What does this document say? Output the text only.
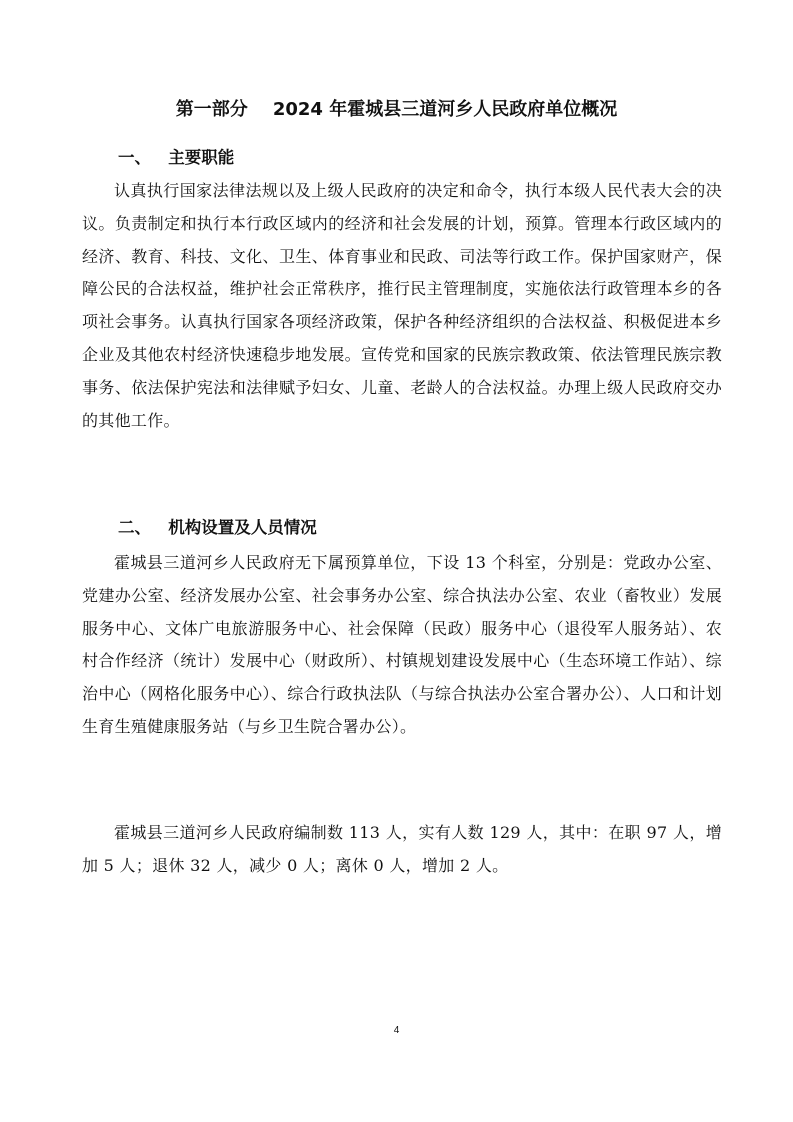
第一部分    2024 年霍城县三道河乡人民政府单位概况
一、   主要职能

认真执行国家法律法规以及上级人民政府的决定和命令，执行本级人民代表大会的决议。负责制定和执行本行政区域内的经济和社会发展的计划，预算。管理本行政区域内的经济、教育、科技、文化、卫生、体育事业和民政、司法等行政工作。保护国家财产，保障公民的合法权益，维护社会正常秩序，推行民主管理制度，实施依法行政管理本乡的各项社会事务。认真执行国家各项经济政策，保护各种经济组织的合法权益、积极促进本乡企业及其他农村经济快速稳步地发展。宣传党和国家的民族宗教政策、依法管理民族宗教事务、依法保护宪法和法律赋予妇女、儿童、老龄人的合法权益。办理上级人民政府交办的其他工作。

二、   机构设置及人员情况

霍城县三道河乡人民政府无下属预算单位，下设 13 个科室，分别是：党政办公室、党建办公室、经济发展办公室、社会事务办公室、综合执法办公室、农业（畜牧业）发展服务中心、文体广电旅游服务中心、社会保障（民政）服务中心（退役军人服务站）、农村合作经济（统计）发展中心（财政所）、村镇规划建设发展中心（生态环境工作站）、综治中心（网格化服务中心）、综合行政执法队（与综合执法办公室合署办公）、人口和计划生育生殖健康服务站（与乡卫生院合署办公）。

霍城县三道河乡人民政府编制数 113 人，实有人数 129 人，其中：在职 97 人，增加 5 人；退休 32 人，减少 0 人；离休 0 人，增加 2 人。

4
